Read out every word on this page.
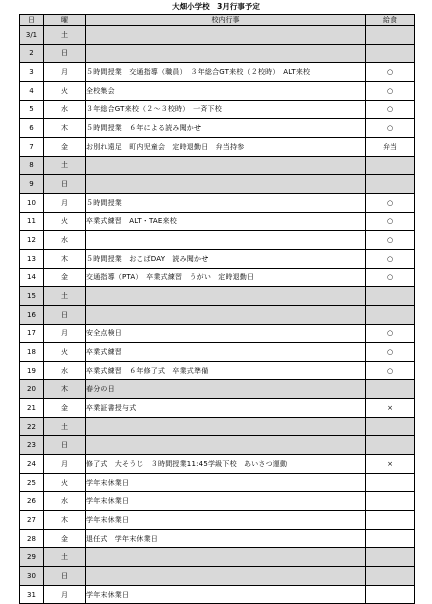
大畑小学校　3月行事予定
日	曜	校内行事	給食
3/1	土		
2	日		
3	月	５時間授業　交通指導（職員）　３年総合GT来校（２校時）　ALT来校	○
4	火	全校集会	○
5	水	３年総合GT来校（２～３校時）　一斉下校	○
6	木	５時間授業　６年による読み聞かせ	○
7	金	お別れ遠足　町内児童会　定時退勤日　弁当持参	弁当
8	土		
9	日		
10	月	５時間授業	○
11	火	卒業式練習　ALT・TAE来校	○
12	水		○
13	木	５時間授業　おこばDAY　読み聞かせ	○
14	金	交通指導（PTA）　卒業式練習　うがい　定時退勤日	○
15	土		
16	日		
17	月	安全点検日	○
18	火	卒業式練習	○
19	水	卒業式練習　６年修了式　卒業式準備	○
20	木	春分の日	
21	金	卒業証書授与式	×
22	土		
23	日		
24	月	修了式　大そうじ　３時間授業11:45学級下校　あいさつ運動	×
25	火	学年末休業日	
26	水	学年末休業日	
27	木	学年末休業日	
28	金	退任式　学年末休業日	
29	土		
30	日		
31	月	学年末休業日	
